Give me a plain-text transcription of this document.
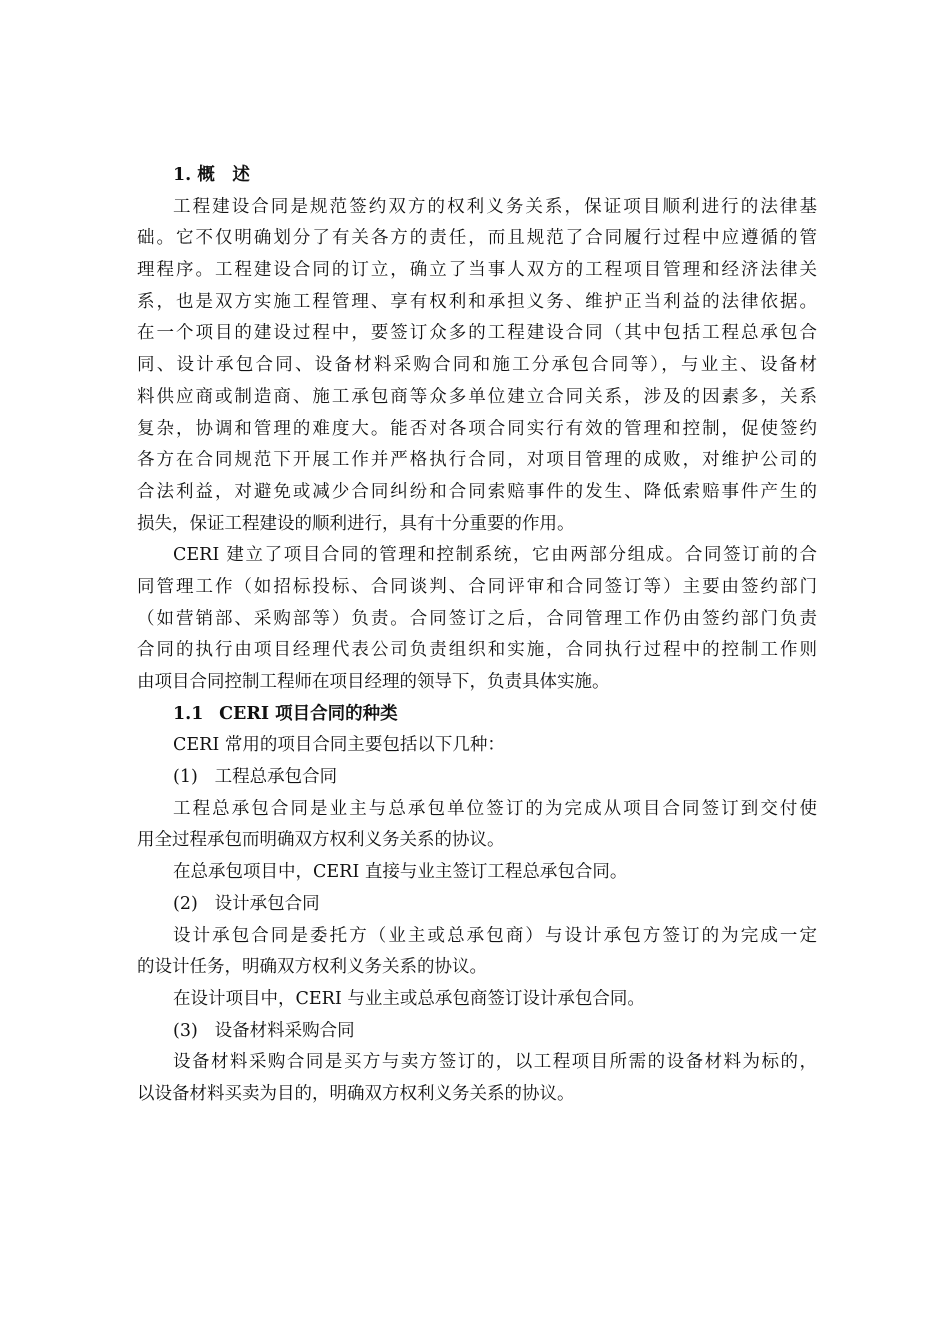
1. 概　述
工程建设合同是规范签约双方的权利义务关系，保证项目顺利进行的法律基
础。它不仅明确划分了有关各方的责任，而且规范了合同履行过程中应遵循的管
理程序。工程建设合同的订立，确立了当事人双方的工程项目管理和经济法律关
系，也是双方实施工程管理、享有权利和承担义务、维护正当利益的法律依据。
在一个项目的建设过程中，要签订众多的工程建设合同（其中包括工程总承包合
同、设计承包合同、设备材料采购合同和施工分承包合同等），与业主、设备材
料供应商或制造商、施工承包商等众多单位建立合同关系，涉及的因素多，关系
复杂，协调和管理的难度大。能否对各项合同实行有效的管理和控制，促使签约
各方在合同规范下开展工作并严格执行合同，对项目管理的成败，对维护公司的
合法利益，对避免或减少合同纠纷和合同索赔事件的发生、降低索赔事件产生的
损失，保证工程建设的顺利进行，具有十分重要的作用。
CERI 建立了项目合同的管理和控制系统，它由两部分组成。合同签订前的合
同管理工作（如招标投标、合同谈判、合同评审和合同签订等）主要由签约部门
（如营销部、采购部等）负责。合同签订之后，合同管理工作仍由签约部门负责
合同的执行由项目经理代表公司负责组织和实施，合同执行过程中的控制工作则
由项目合同控制工程师在项目经理的领导下，负责具体实施。
1.1 CERI 项目合同的种类
CERI 常用的项目合同主要包括以下几种：
(1) 工程总承包合同
工程总承包合同是业主与总承包单位签订的为完成从项目合同签订到交付使
用全过程承包而明确双方权利义务关系的协议。
在总承包项目中，CERI 直接与业主签订工程总承包合同。
(2) 设计承包合同
设计承包合同是委托方（业主或总承包商）与设计承包方签订的为完成一定
的设计任务，明确双方权利义务关系的协议。
在设计项目中，CERI 与业主或总承包商签订设计承包合同。
(3) 设备材料采购合同
设备材料采购合同是买方与卖方签订的，以工程项目所需的设备材料为标的，
以设备材料买卖为目的，明确双方权利义务关系的协议。
